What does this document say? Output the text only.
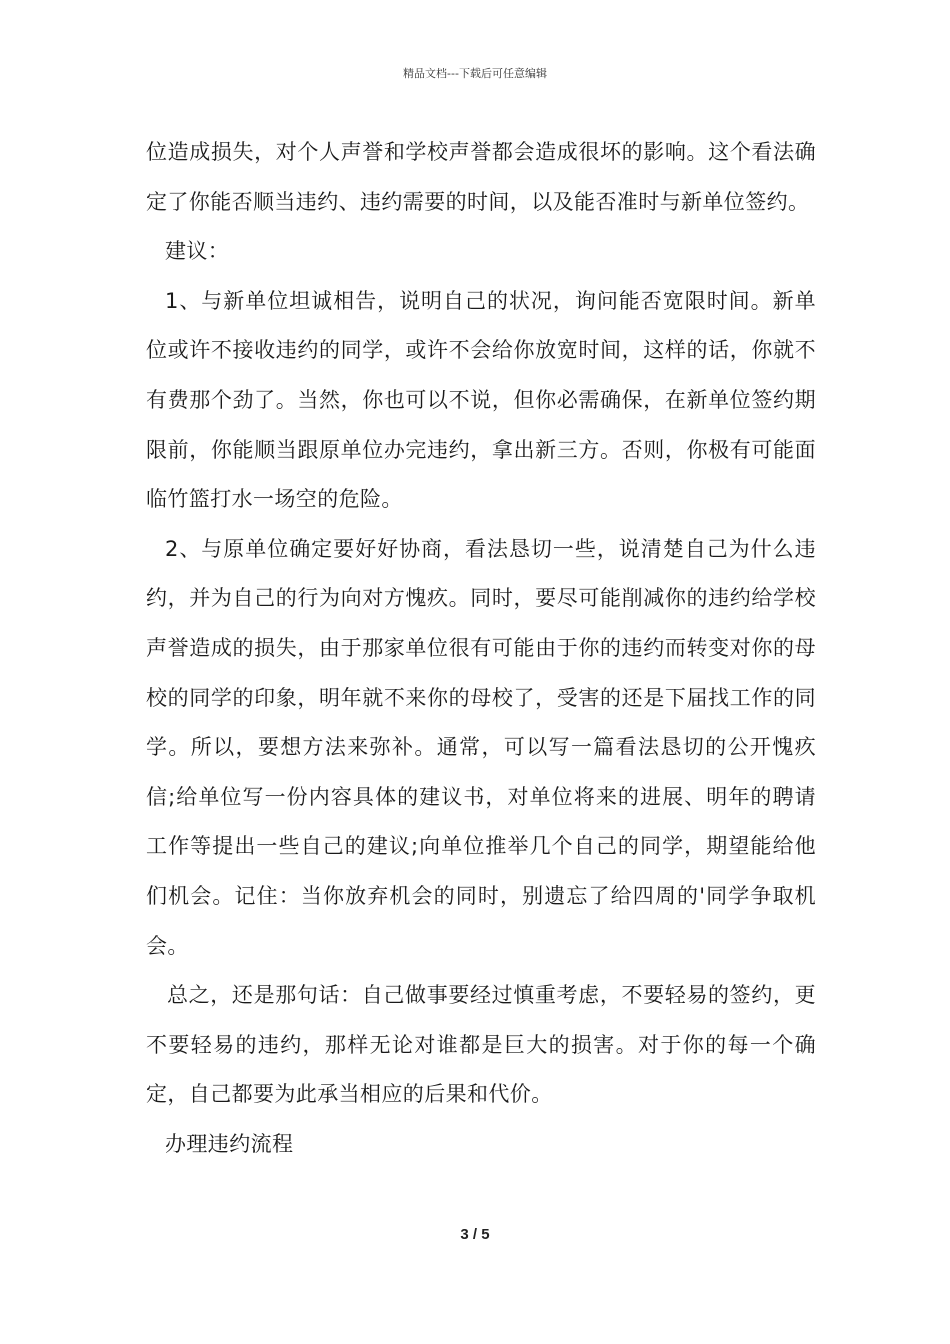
精品文档---下载后可任意编辑

位造成损失，对个人声誉和学校声誉都会造成很坏的影响。这个看法确定了你能否顺当违约、违约需要的时间，以及能否准时与新单位签约。

建议：

1、与新单位坦诚相告，说明自己的状况，询问能否宽限时间。新单位或许不接收违约的同学，或许不会给你放宽时间，这样的话，你就不有费那个劲了。当然，你也可以不说，但你必需确保，在新单位签约期限前，你能顺当跟原单位办完违约，拿出新三方。否则，你极有可能面临竹篮打水一场空的危险。

2、与原单位确定要好好协商，看法恳切一些，说清楚自己为什么违约，并为自己的行为向对方愧疚。同时，要尽可能削减你的违约给学校声誉造成的损失，由于那家单位很有可能由于你的违约而转变对你的母校的同学的印象，明年就不来你的母校了，受害的还是下届找工作的同学。所以，要想方法来弥补。通常，可以写一篇看法恳切的公开愧疚信;给单位写一份内容具体的建议书，对单位将来的进展、明年的聘请工作等提出一些自己的建议;向单位推举几个自己的同学，期望能给他们机会。记住：当你放弃机会的同时，别遗忘了给四周的'同学争取机会。

总之，还是那句话：自己做事要经过慎重考虑，不要轻易的签约，更不要轻易的违约，那样无论对谁都是巨大的损害。对于你的每一个确定，自己都要为此承当相应的后果和代价。

办理违约流程

3 / 5
